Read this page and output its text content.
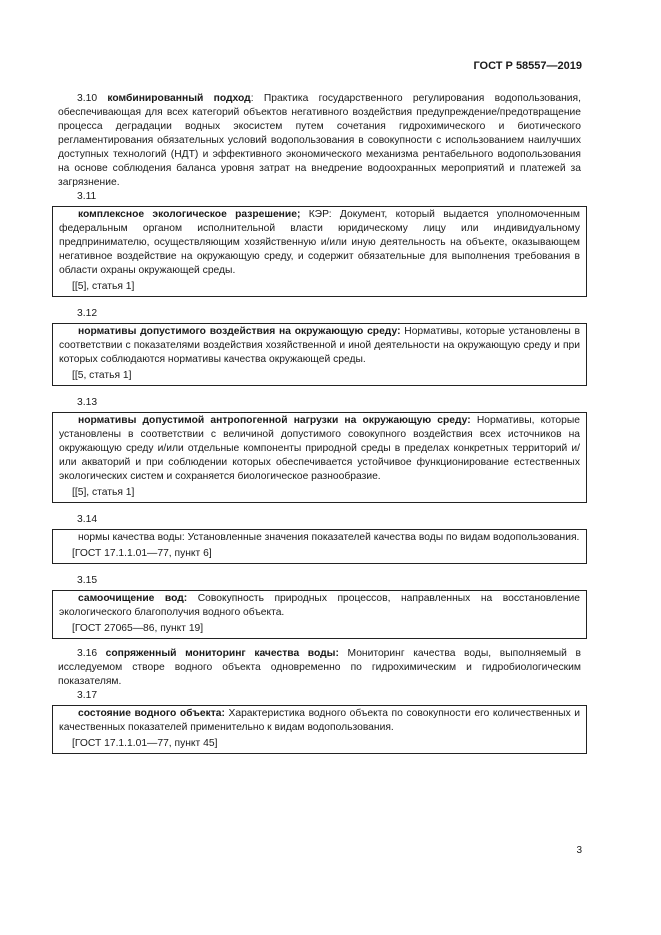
ГОСТ Р 58557—2019

3.10 комбинированный подход: Практика государственного регулирования водопользования, обеспечивающая для всех категорий объектов негативного воздействия предупреждение/предотвращение процесса деградации водных экосистем путем сочетания гидрохимического и биотического регламентирования обязательных условий водопользования в совокупности с использованием наилучших доступных технологий (НДТ) и эффективного экономического механизма рентабельного водопользования на основе соблюдения баланса уровня затрат на внедрение водоохранных мероприятий и платежей за загрязнение.

3.11

комплексное экологическое разрешение; КЭР: Документ, который выдается уполномоченным федеральным органом исполнительной власти юридическому лицу или индивидуальному предпринимателю, осуществляющим хозяйственную и/или иную деятельность на объекте, оказывающем негативное воздействие на окружающую среду, и содержит обязательные для выполнения требования в области охраны окружающей среды.

[[5], статья 1]

3.12

нормативы допустимого воздействия на окружающую среду: Нормативы, которые установлены в соответствии с показателями воздействия хозяйственной и иной деятельности на окружающую среду и при которых соблюдаются нормативы качества окружающей среды.

[[5, статья 1]

3.13

нормативы допустимой антропогенной нагрузки на окружающую среду: Нормативы, которые установлены в соответствии с величиной допустимого совокупного воздействия всех источников на окружающую среду и/или отдельные компоненты природной среды в пределах конкретных территорий и/или акваторий и при соблюдении которых обеспечивается устойчивое функционирование естественных экологических систем и сохраняется биологическое разнообразие.

[[5], статья 1]

3.14

нормы качества воды: Установленные значения показателей качества воды по видам водопользования.

[ГОСТ 17.1.1.01—77, пункт 6]

3.15

самоочищение вод: Совокупность природных процессов, направленных на восстановление экологического благополучия водного объекта.

[ГОСТ 27065—86, пункт 19]

3.16 сопряженный мониторинг качества воды: Мониторинг качества воды, выполняемый в исследуемом створе водного объекта одновременно по гидрохимическим и гидробиологическим показателям.

3.17

состояние водного объекта: Характеристика водного объекта по совокупности его количественных и качественных показателей применительно к видам водопользования.

[ГОСТ 17.1.1.01—77, пункт 45]

3
